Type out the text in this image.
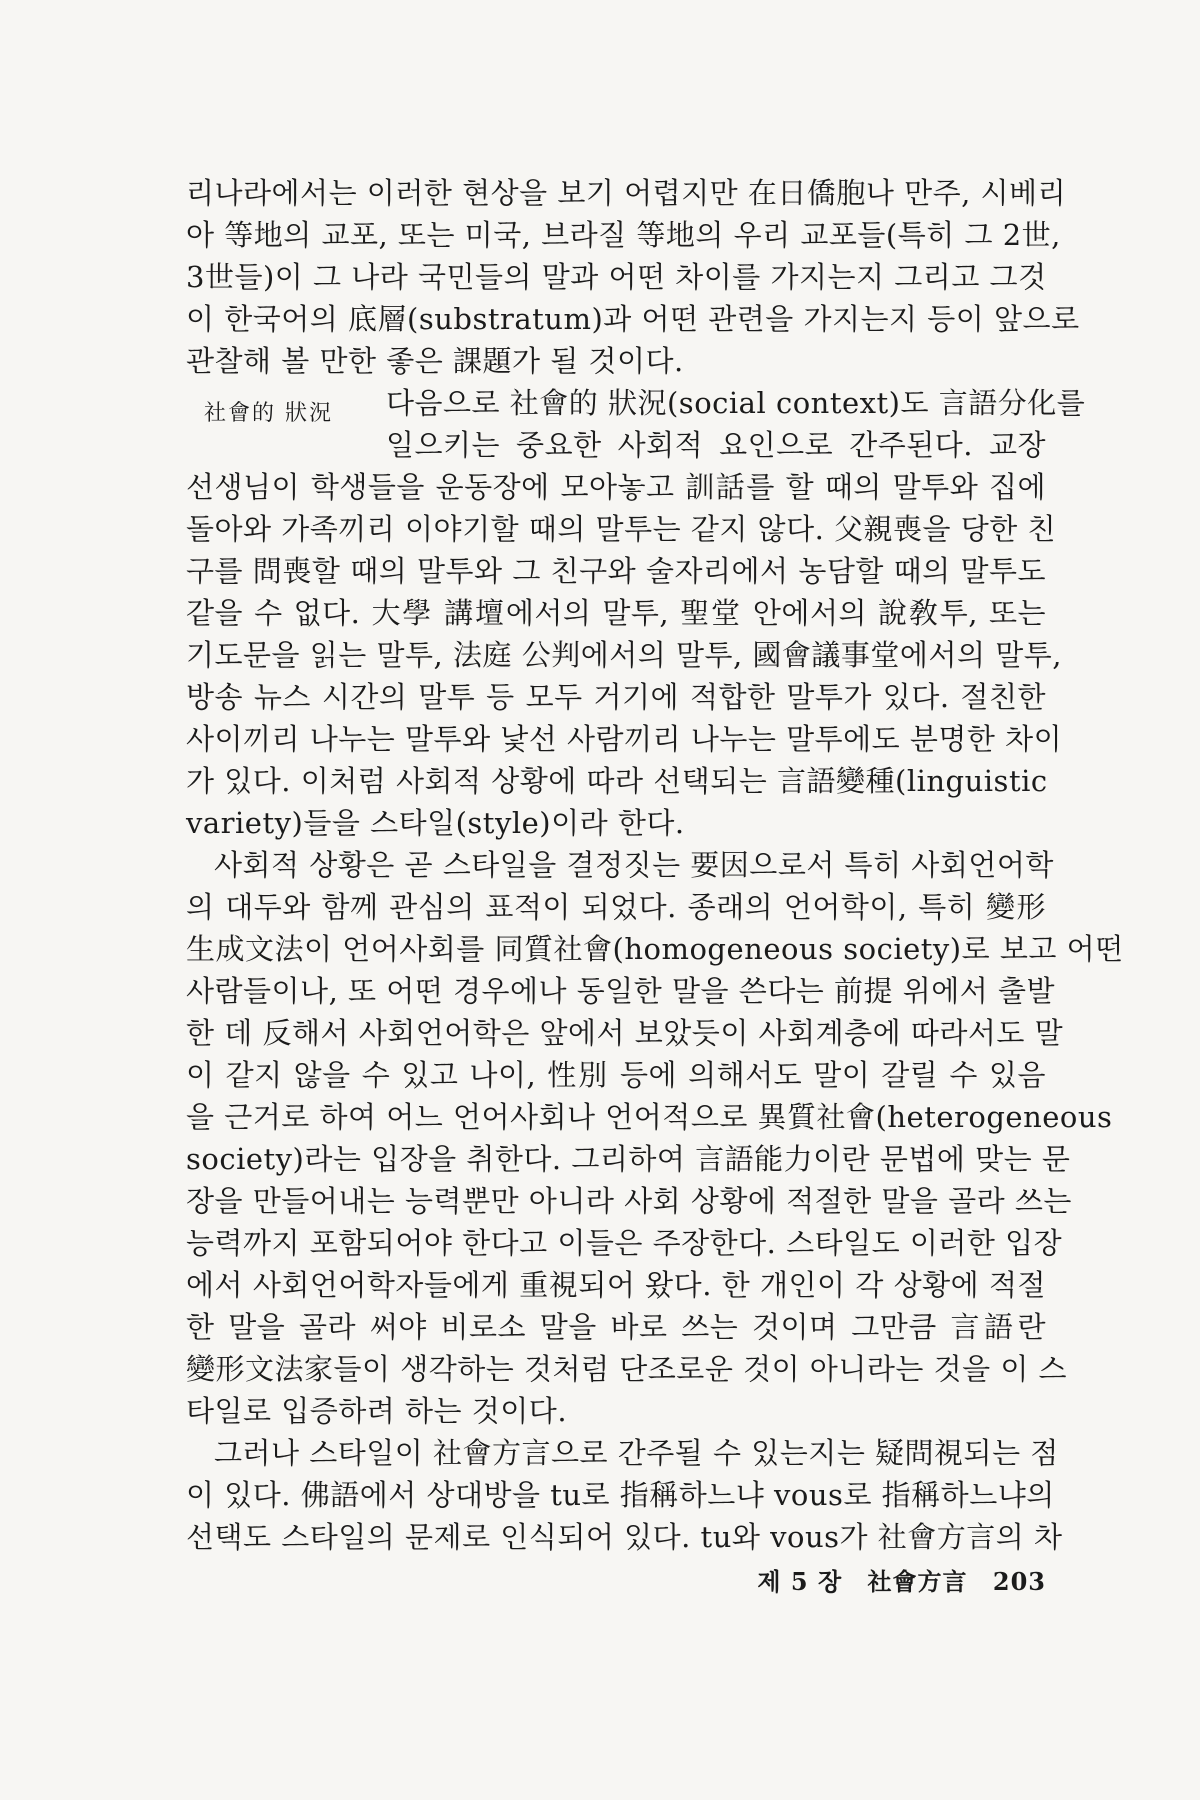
리나라에서는 이러한 현상을 보기 어렵지만 在日僑胞나 만주, 시베리
아 等地의 교포, 또는 미국, 브라질 等地의 우리 교포들(특히 그 2世,
3世들)이 그 나라 국민들의 말과 어떤 차이를 가지는지 그리고 그것
이 한국어의 底層(substratum)과 어떤 관련을 가지는지 등이 앞으로
관찰해 볼 만한 좋은 課題가 될 것이다.
社會的 狀況 다음으로 社會的 狀況(social context)도 言語分化를
일으키는 중요한 사회적 요인으로 간주된다. 교장
선생님이 학생들을 운동장에 모아놓고 訓話를 할 때의 말투와 집에
돌아와 가족끼리 이야기할 때의 말투는 같지 않다. 父親喪을 당한 친
구를 問喪할 때의 말투와 그 친구와 술자리에서 농담할 때의 말투도
같을 수 없다. 大學 講壇에서의 말투, 聖堂 안에서의 說敎투, 또는
기도문을 읽는 말투, 法庭 公判에서의 말투, 國會議事堂에서의 말투,
방송 뉴스 시간의 말투 등 모두 거기에 적합한 말투가 있다. 절친한
사이끼리 나누는 말투와 낯선 사람끼리 나누는 말투에도 분명한 차이
가 있다. 이처럼 사회적 상황에 따라 선택되는 言語變種(linguistic
variety)들을 스타일(style)이라 한다.
사회적 상황은 곧 스타일을 결정짓는 要因으로서 특히 사회언어학
의 대두와 함께 관심의 표적이 되었다. 종래의 언어학이, 특히 變形
生成文法이 언어사회를 同質社會(homogeneous society)로 보고 어떤
사람들이나, 또 어떤 경우에나 동일한 말을 쓴다는 前提 위에서 출발
한 데 反해서 사회언어학은 앞에서 보았듯이 사회계층에 따라서도 말
이 같지 않을 수 있고 나이, 性別 등에 의해서도 말이 갈릴 수 있음
을 근거로 하여 어느 언어사회나 언어적으로 異質社會(heterogeneous
society)라는 입장을 취한다. 그리하여 言語能力이란 문법에 맞는 문
장을 만들어내는 능력뿐만 아니라 사회 상황에 적절한 말을 골라 쓰는
능력까지 포함되어야 한다고 이들은 주장한다. 스타일도 이러한 입장
에서 사회언어학자들에게 重視되어 왔다. 한 개인이 각 상황에 적절
한 말을 골라 써야 비로소 말을 바로 쓰는 것이며 그만큼 言語란
變形文法家들이 생각하는 것처럼 단조로운 것이 아니라는 것을 이 스
타일로 입증하려 하는 것이다.
그러나 스타일이 社會方言으로 간주될 수 있는지는 疑問視되는 점
이 있다. 佛語에서 상대방을 tu로 指稱하느냐 vous로 指稱하느냐의
선택도 스타일의 문제로 인식되어 있다. tu와 vous가 社會方言의 차
제 5 장 社會方言 203
